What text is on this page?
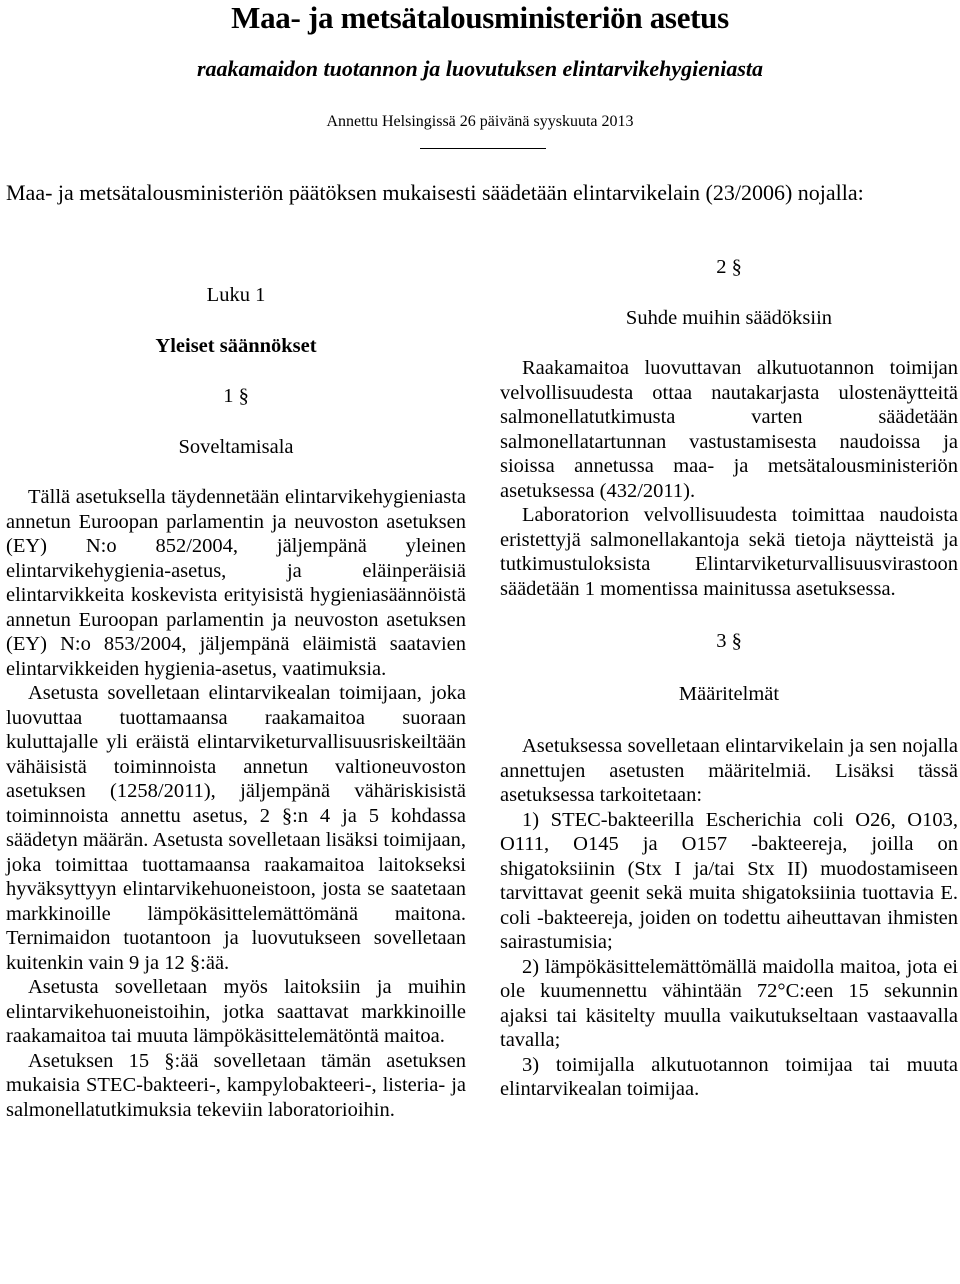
Maa- ja metsätalousministeriön asetus
raakamaidon tuotannon ja luovutuksen elintarvikehygieniasta
Annettu Helsingissä 26 päivänä syyskuuta 2013
Maa- ja metsätalousministeriön päätöksen mukaisesti säädetään elintarvikelain (23/2006) nojalla:

Luku 1

Yleiset säännökset

1 §

Soveltamisala

Tällä asetuksella täydennetään elintarvikehygieniasta annetun Euroopan parlamentin ja neuvoston asetuksen (EY) N:o 852/2004, jäljempänä yleinen elintarvikehygienia-asetus, ja eläinperäisiä elintarvikkeita koskevista erityisistä hygieniasäännöistä annetun Euroopan parlamentin ja neuvoston asetuksen (EY) N:o 853/2004, jäljempänä eläimistä saatavien elintarvikkeiden hygienia-asetus, vaatimuksia.

Asetusta sovelletaan elintarvikealan toimijaan, joka luovuttaa tuottamaansa raakamaitoa suoraan kuluttajalle yli eräistä elintarviketurvallisuusriskeiltään vähäisistä toiminnoista annetun valtioneuvoston asetuksen (1258/2011), jäljempänä vähäriskisistä toiminnoista annettu asetus, 2 §:n 4 ja 5 kohdassa säädetyn määrän. Asetusta sovelletaan lisäksi toimijaan, joka toimittaa tuottamaansa raakamaitoa laitokseksi hyväksyttyyn elintarvikehuoneistoon, josta se saatetaan markkinoille lämpökäsittelemättömänä maitona. Ternimaidon tuotantoon ja luovutukseen sovelletaan kuitenkin vain 9 ja 12 §:ää.

Asetusta sovelletaan myös laitoksiin ja muihin elintarvikehuoneistoihin, jotka saattavat markkinoille raakamaitoa tai muuta lämpökäsittelemätöntä maitoa.

Asetuksen 15 §:ää sovelletaan tämän asetuksen mukaisia STEC-bakteeri-, kampylobakteeri-, listeria- ja salmonellatutkimuksia tekeviin laboratorioihin.

2 §

Suhde muihin säädöksiin

Raakamaitoa luovuttavan alkutuotannon toimijan velvollisuudesta ottaa nautakarjasta ulostenäytteitä salmonellatutkimusta varten säädetään salmonellatartunnan vastustamisesta naudoissa ja sioissa annetussa maa- ja metsätalousministeriön asetuksessa (432/2011).

Laboratorion velvollisuudesta toimittaa naudoista eristettyjä salmonellakantoja sekä tietoja näytteistä ja tutkimustuloksista Elintarviketurvallisuusvirastoon säädetään 1 momentissa mainitussa asetuksessa.

3 §

Määritelmät

Asetuksessa sovelletaan elintarvikelain ja sen nojalla annettujen asetusten määritelmiä. Lisäksi tässä asetuksessa tarkoitetaan:

1) STEC-bakteerilla Escherichia coli O26, O103, O111, O145 ja O157 -bakteereja, joilla on shigatoksiinin (Stx I ja/tai Stx II) muodostamiseen tarvittavat geenit sekä muita shigatoksiinia tuottavia E. coli -bakteereja, joiden on todettu aiheuttavan ihmisten sairastumisia;

2) lämpökäsittelemättömällä maidolla maitoa, jota ei ole kuumennettu vähintään 72°C:een 15 sekunnin ajaksi tai käsitelty muulla vaikutukseltaan vastaavalla tavalla;

3) toimijalla alkutuotannon toimijaa tai muuta elintarvikealan toimijaa.
